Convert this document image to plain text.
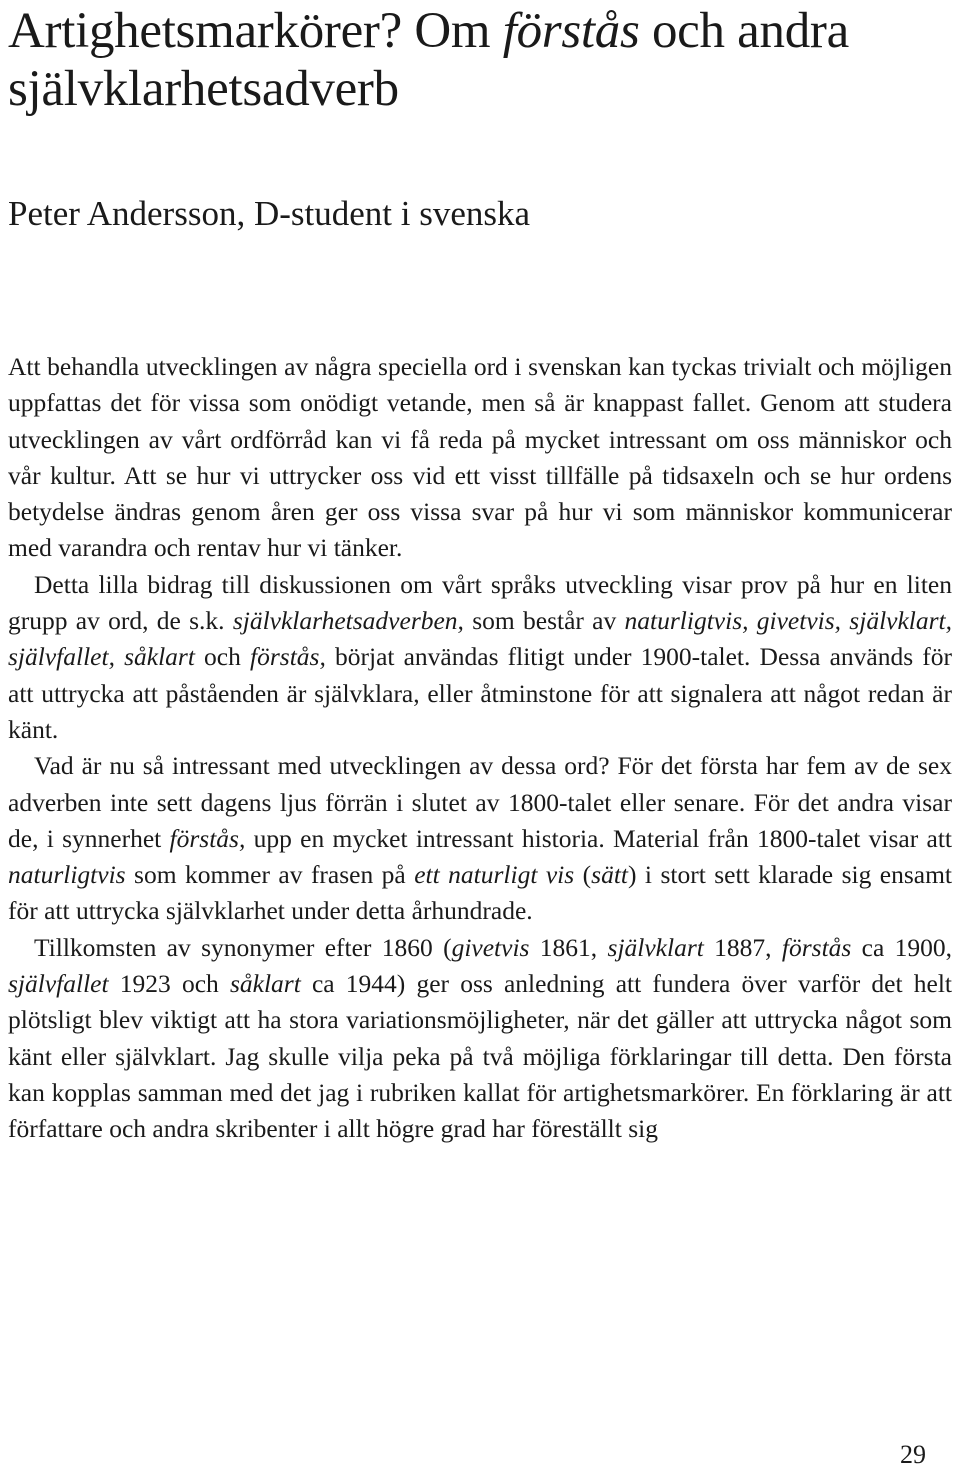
Artighetsmarkörer? Om förstås och andra självklarhetsadverb
Peter Andersson, D-student i svenska

Att behandla utvecklingen av några speciella ord i svenskan kan tyckas trivialt och möjligen uppfattas det för vissa som onödigt vetande, men så är knappast fallet. Genom att studera utvecklingen av vårt ordförråd kan vi få reda på mycket intressant om oss människor och vår kultur. Att se hur vi uttrycker oss vid ett visst tillfälle på tidsaxeln och se hur ordens betydelse ändras genom åren ger oss vissa svar på hur vi som människor kommunicerar med varandra och rentav hur vi tänker.

Detta lilla bidrag till diskussionen om vårt språks utveckling visar prov på hur en liten grupp av ord, de s.k. självklarhetsadverben, som består av naturligtvis, givetvis, självklart, självfallet, såklart och förstås, börjat användas flitigt under 1900-talet. Dessa används för att uttrycka att påståenden är självklara, eller åtminstone för att signalera att något redan är känt.

Vad är nu så intressant med utvecklingen av dessa ord? För det första har fem av de sex adverben inte sett dagens ljus förrän i slutet av 1800-talet eller senare. För det andra visar de, i synnerhet förstås, upp en mycket intressant historia. Material från 1800-talet visar att naturligtvis som kommer av frasen på ett naturligt vis (sätt) i stort sett klarade sig ensamt för att uttrycka självklarhet under detta århundrade.

Tillkomsten av synonymer efter 1860 (givetvis 1861, självklart 1887, förstås ca 1900, självfallet 1923 och såklart ca 1944) ger oss anledning att fundera över varför det helt plötsligt blev viktigt att ha stora variationsmöjligheter, när det gäller att uttrycka något som känt eller självklart. Jag skulle vilja peka på två möjliga förklaringar till detta. Den första kan kopplas samman med det jag i rubriken kallat för artighetsmarkörer. En förklaring är att författare och andra skribenter i allt högre grad har föreställt sig

29
